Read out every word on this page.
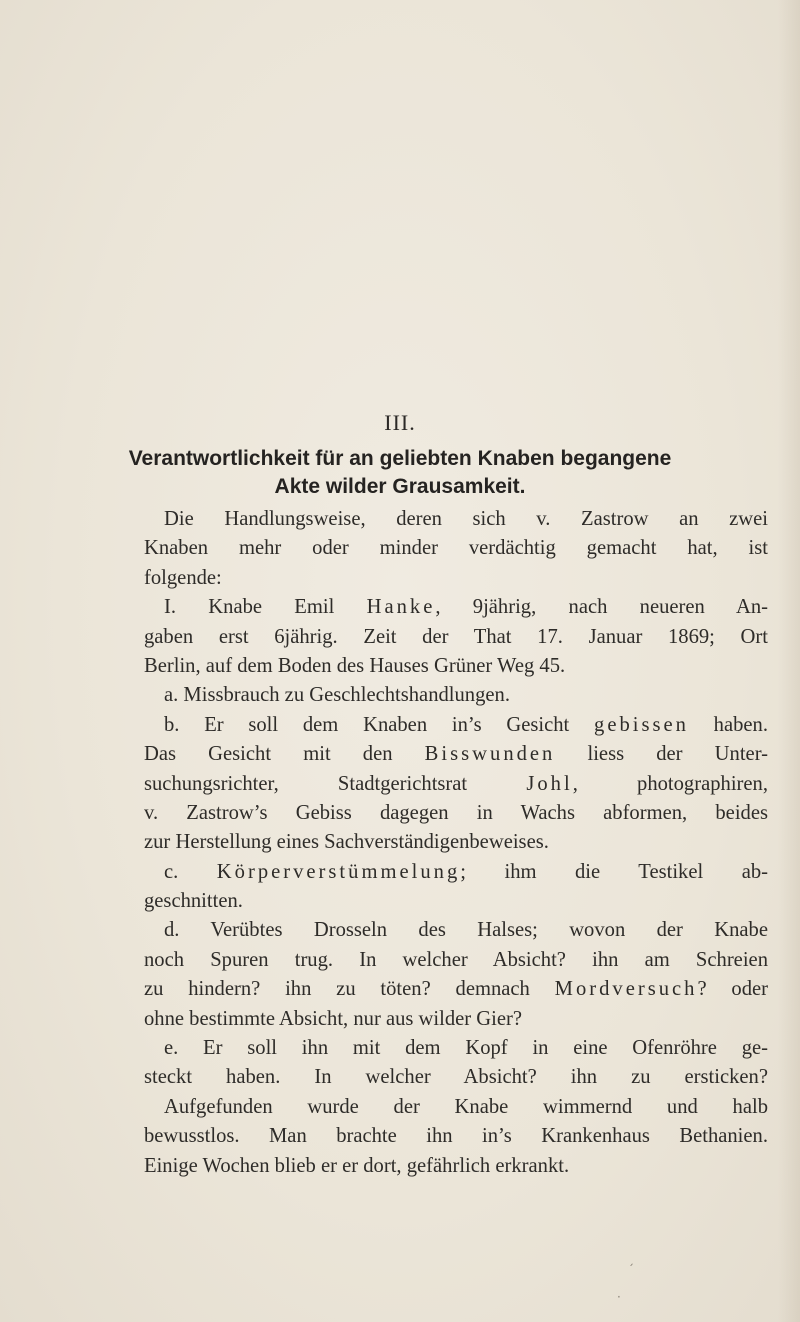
III.
Verantwortlichkeit für an geliebten Knaben begangene
Akte wilder Grausamkeit.
Die Handlungsweise, deren sich v. Zastrow an zwei
Knaben mehr oder minder verdächtig gemacht hat, ist
folgende:
I. Knabe Emil Hanke, 9jährig, nach neueren An-
gaben erst 6jährig. Zeit der That 17. Januar 1869; Ort
Berlin, auf dem Boden des Hauses Grüner Weg 45.
a. Missbrauch zu Geschlechtshandlungen.
b. Er soll dem Knaben in’s Gesicht gebissen haben.
Das Gesicht mit den Bisswunden liess der Unter-
suchungsrichter, Stadtgerichtsrat Johl, photographiren,
v. Zastrow’s Gebiss dagegen in Wachs abformen, beides
zur Herstellung eines Sachverständigenbeweises.
c. Körperverstümmelung; ihm die Testikel ab-
geschnitten.
d. Verübtes Drosseln des Halses; wovon der Knabe
noch Spuren trug. In welcher Absicht? ihn am Schreien
zu hindern? ihn zu töten? demnach Mordversuch? oder
ohne bestimmte Absicht, nur aus wilder Gier?
e. Er soll ihn mit dem Kopf in eine Ofenröhre ge-
steckt haben. In welcher Absicht? ihn zu ersticken?
Aufgefunden wurde der Knabe wimmernd und halb
bewusstlos. Man brachte ihn in’s Krankenhaus Bethanien.
Einige Wochen blieb er er dort, gefährlich erkrankt.
ˏ
·
